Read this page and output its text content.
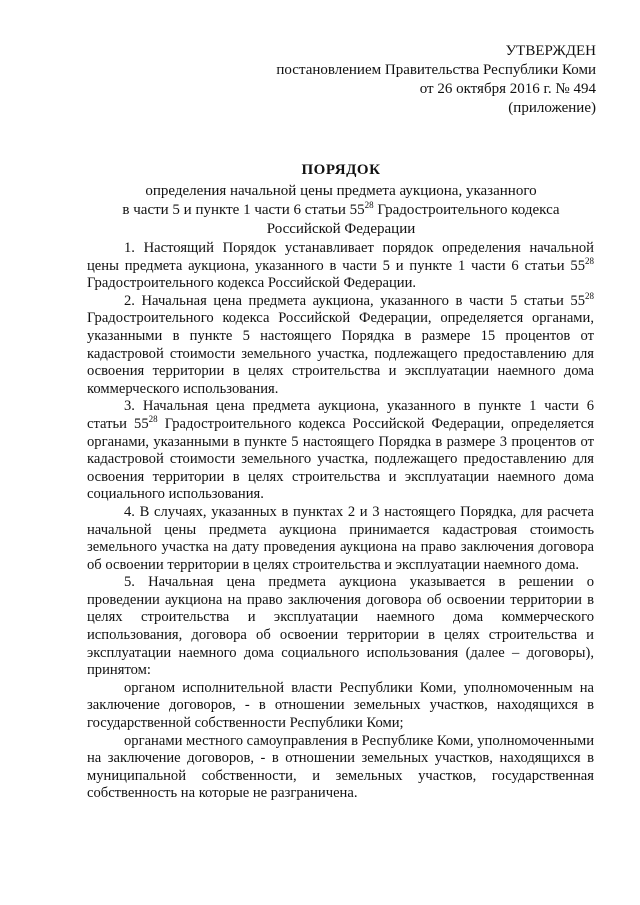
УТВЕРЖДЕН
постановлением Правительства Республики Коми
от 26 октября 2016 г. № 494
(приложение)
ПОРЯДОК
определения начальной цены предмета аукциона, указанного
в части 5 и пункте 1 части 6 статьи $55^{28}$ Градостроительного кодекса
Российской Федерации
1. Настоящий Порядок устанавливает порядок определения начальной цены предмета аукциона, указанного в части 5 и пункте 1 части 6 статьи $55^{28}$ Градостроительного кодекса Российской Федерации.
2. Начальная цена предмета аукциона, указанного в части 5 статьи $55^{28}$ Градостроительного кодекса Российской Федерации, определяется органами, указанными в пункте 5 настоящего Порядка в размере 15 процентов от кадастровой стоимости земельного участка, подлежащего предоставлению для освоения территории в целях строительства и эксплуатации наемного дома коммерческого использования.
3. Начальная цена предмета аукциона, указанного в пункте 1 части 6 статьи $55^{28}$ Градостроительного кодекса Российской Федерации, определяется органами, указанными в пункте 5 настоящего Порядка в размере 3 процентов от кадастровой стоимости земельного участка, подлежащего предоставлению для освоения территории в целях строительства и эксплуатации наемного дома социального использования.
4. В случаях, указанных в пунктах 2 и 3 настоящего Порядка, для расчета начальной цены предмета аукциона принимается кадастровая стоимость земельного участка на дату проведения аукциона на право заключения договора об освоении территории в целях строительства и эксплуатации наемного дома.
5. Начальная цена предмета аукциона указывается в решении о проведении аукциона на право заключения договора об освоении территории в целях строительства и эксплуатации наемного дома коммерческого использования, договора об освоении территории в целях строительства и эксплуатации наемного дома социального использования (далее – договоры), принятом:
органом исполнительной власти Республики Коми, уполномоченным на заключение договоров, - в отношении земельных участков, находящихся в государственной собственности Республики Коми;
органами местного самоуправления в Республике Коми, уполномоченными на заключение договоров, - в отношении земельных участков, находящихся в муниципальной собственности, и земельных участков, государственная собственность на которые не разграничена.
